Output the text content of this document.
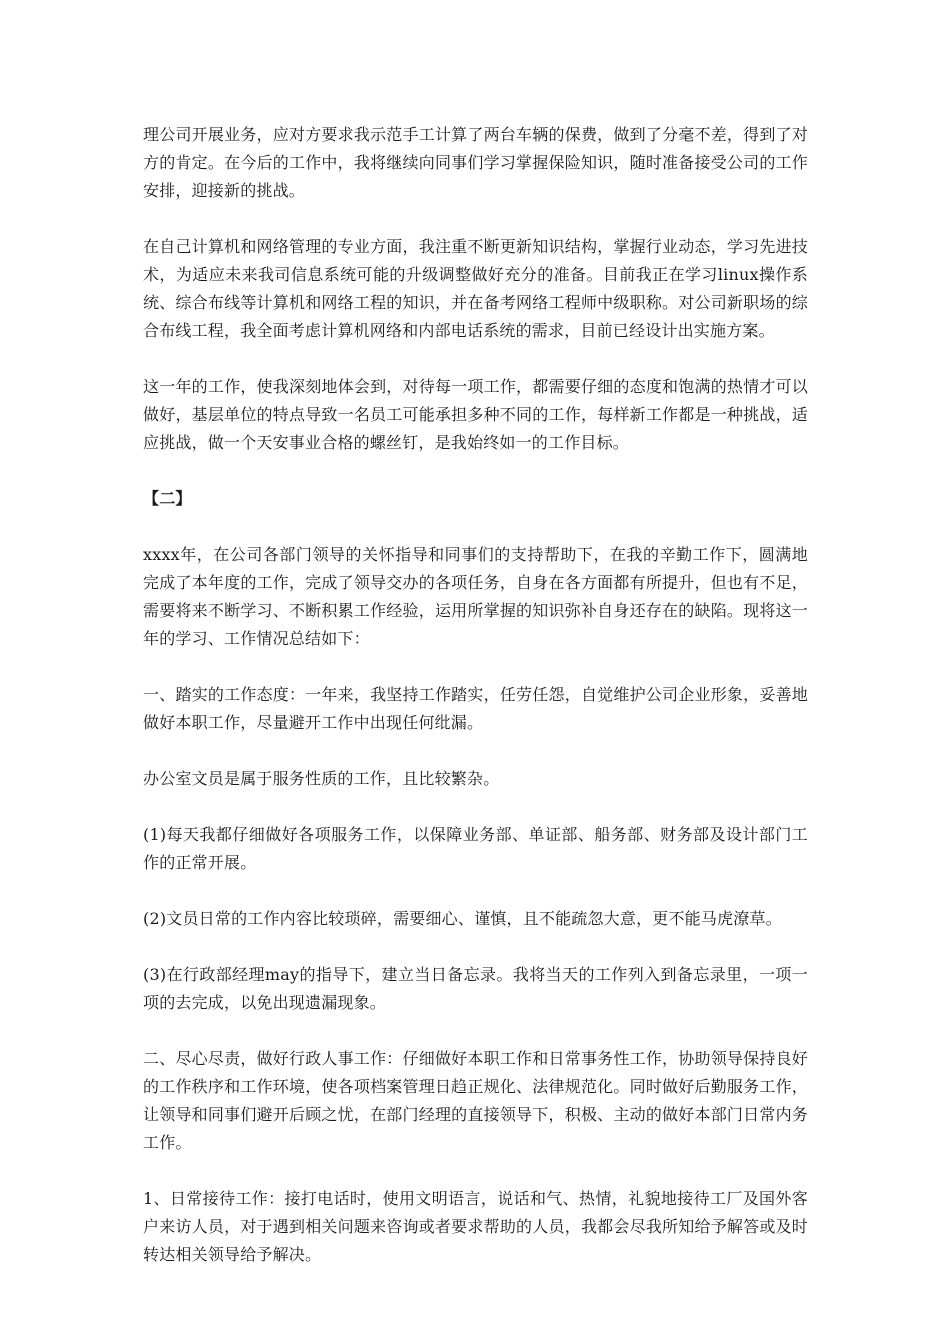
理公司开展业务，应对方要求我示范手工计算了两台车辆的保费，做到了分毫不差，得到了对方的肯定。在今后的工作中，我将继续向同事们学习掌握保险知识，随时准备接受公司的工作安排，迎接新的挑战。

在自己计算机和网络管理的专业方面，我注重不断更新知识结构，掌握行业动态，学习先进技术，为适应未来我司信息系统可能的升级调整做好充分的准备。目前我正在学习linux操作系统、综合布线等计算机和网络工程的知识，并在备考网络工程师中级职称。对公司新职场的综合布线工程，我全面考虑计算机网络和内部电话系统的需求，目前已经设计出实施方案。

这一年的工作，使我深刻地体会到，对待每一项工作，都需要仔细的态度和饱满的热情才可以做好，基层单位的特点导致一名员工可能承担多种不同的工作，每样新工作都是一种挑战，适应挑战，做一个天安事业合格的螺丝钉，是我始终如一的工作目标。

【二】

xxxx年，在公司各部门领导的关怀指导和同事们的支持帮助下，在我的辛勤工作下，圆满地完成了本年度的工作，完成了领导交办的各项任务，自身在各方面都有所提升，但也有不足，需要将来不断学习、不断积累工作经验，运用所掌握的知识弥补自身还存在的缺陷。现将这一年的学习、工作情况总结如下：

一、踏实的工作态度：一年来，我坚持工作踏实，任劳任怨，自觉维护公司企业形象，妥善地做好本职工作，尽量避开工作中出现任何纰漏。

办公室文员是属于服务性质的工作，且比较繁杂。

(1)每天我都仔细做好各项服务工作，以保障业务部、单证部、船务部、财务部及设计部门工作的正常开展。

(2)文员日常的工作内容比较琐碎，需要细心、谨慎，且不能疏忽大意，更不能马虎潦草。

(3)在行政部经理may的指导下，建立当日备忘录。我将当天的工作列入到备忘录里，一项一项的去完成，以免出现遗漏现象。

二、尽心尽责，做好行政人事工作：仔细做好本职工作和日常事务性工作，协助领导保持良好的工作秩序和工作环境，使各项档案管理日趋正规化、法律规范化。同时做好后勤服务工作，让领导和同事们避开后顾之忧，在部门经理的直接领导下，积极、主动的做好本部门日常内务工作。

1、日常接待工作：接打电话时，使用文明语言，说话和气、热情，礼貌地接待工厂及国外客户来访人员，对于遇到相关问题来咨询或者要求帮助的人员，我都会尽我所知给予解答或及时转达相关领导给予解决。
